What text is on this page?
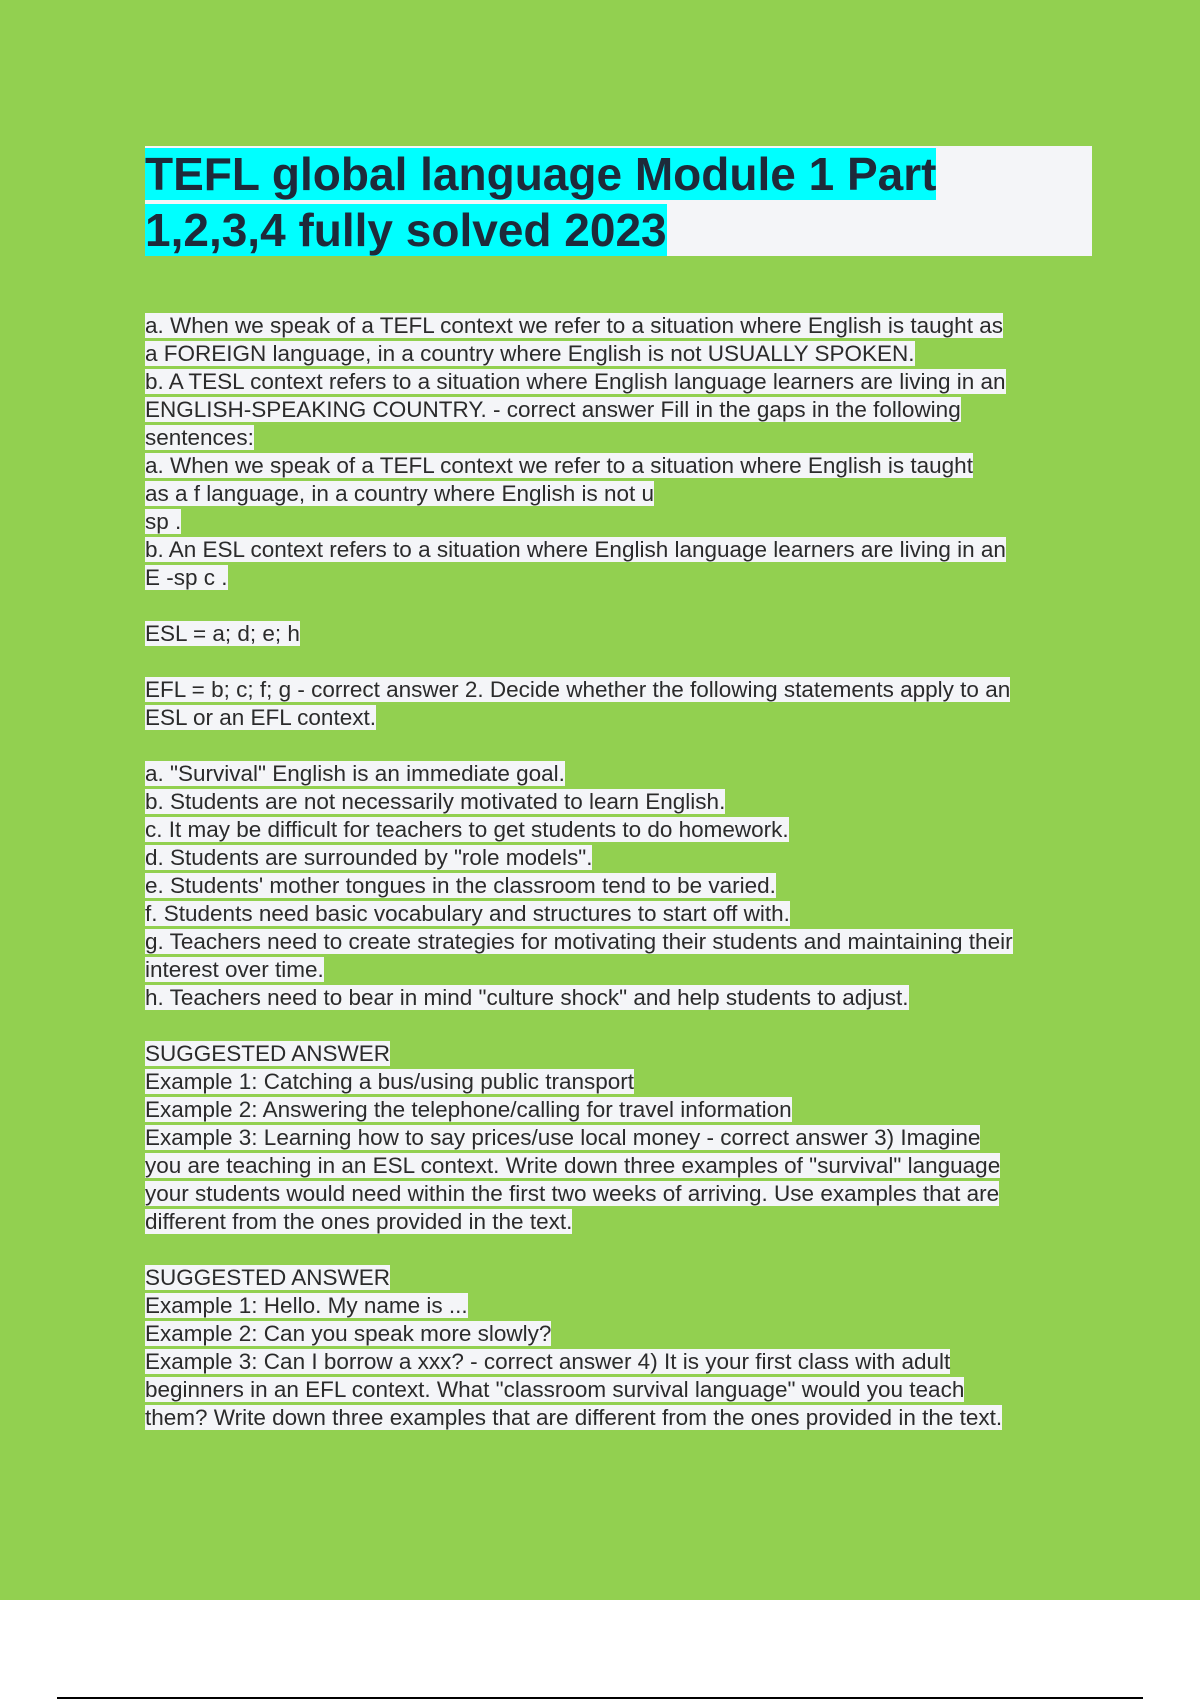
TEFL global language Module 1 Part
1,2,3,4 fully solved 2023
a. When we speak of a TEFL context we refer to a situation where English is taught as
a FOREIGN language, in a country where English is not USUALLY SPOKEN.
b. A TESL context refers to a situation where English language learners are living in an
ENGLISH-SPEAKING COUNTRY. - correct answer Fill in the gaps in the following
sentences:
a. When we speak of a TEFL context we refer to a situation where English is taught
as a f language, in a country where English is not u
sp .
b. An ESL context refers to a situation where English language learners are living in an
E -sp c .
ESL = a; d; e; h
EFL = b; c; f; g - correct answer 2. Decide whether the following statements apply to an
ESL or an EFL context.
a. "Survival" English is an immediate goal.
b. Students are not necessarily motivated to learn English.
c. It may be difficult for teachers to get students to do homework.
d. Students are surrounded by "role models".
e. Students' mother tongues in the classroom tend to be varied.
f. Students need basic vocabulary and structures to start off with.
g. Teachers need to create strategies for motivating their students and maintaining their
interest over time.
h. Teachers need to bear in mind "culture shock" and help students to adjust.
SUGGESTED ANSWER
Example 1: Catching a bus/using public transport
Example 2: Answering the telephone/calling for travel information
Example 3: Learning how to say prices/use local money - correct answer 3) Imagine
you are teaching in an ESL context. Write down three examples of "survival" language
your students would need within the first two weeks of arriving. Use examples that are
different from the ones provided in the text.
SUGGESTED ANSWER
Example 1: Hello. My name is ...
Example 2: Can you speak more slowly?
Example 3: Can I borrow a xxx? - correct answer 4) It is your first class with adult
beginners in an EFL context. What "classroom survival language" would you teach
them? Write down three examples that are different from the ones provided in the text.
